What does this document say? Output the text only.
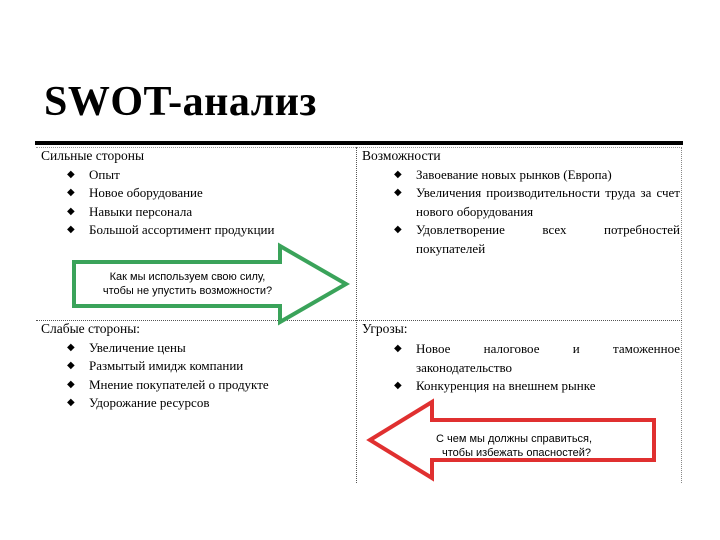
SWOT-анализ
Сильные стороны
◆ Опыт
◆ Новое оборудование
◆ Навыки персонала
◆ Большой ассортимент продукции
Возможности
◆ Завоевание новых рынков (Европа)
◆ Увеличения производительности труда за счет нового оборудования
◆ Удовлетворение всех потребностей покупателей
Слабые стороны:
◆ Увеличение цены
◆ Размытый имидж компании
◆ Мнение покупателей о продукте
◆ Удорожание ресурсов
Угрозы:
◆ Новое налоговое и таможенное законодательство
◆ Конкуренция на внешнем рынке
Как мы используем свою силу,
чтобы не упустить возможности?
С чем мы должны справиться,
чтобы избежать опасностей?
